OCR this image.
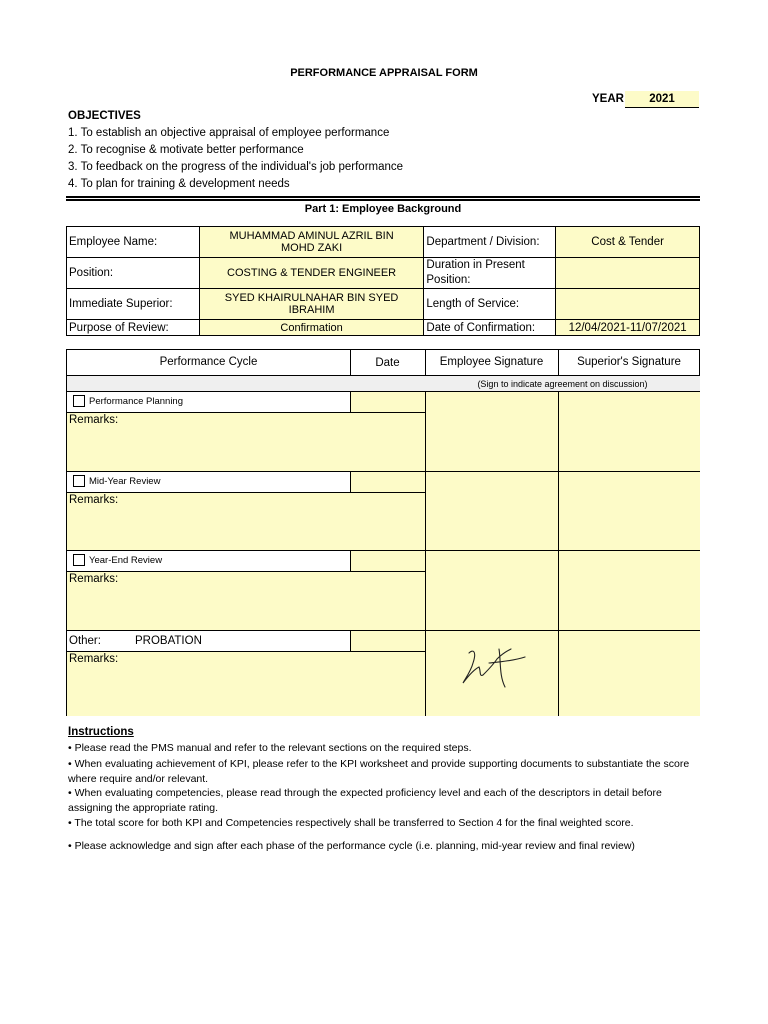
PERFORMANCE APPRAISAL FORM
YEAR	2021
OBJECTIVES
1. To establish an objective appraisal of employee performance
2. To recognise & motivate better performance
3. To feedback on the progress of the individual's job performance
4. To plan for training & development needs
Part 1: Employee Background
Employee Name:	MUHAMMAD AMINUL AZRIL BIN
MOHD ZAKI	Department / Division:	Cost & Tender
Position:	COSTING & TENDER ENGINEER	Duration in Present
Position:	

Immediate Superior:	SYED KHAIRULNAHAR BIN SYED
IBRAHIM	Length of Service:	
Purpose of Review:	Confirmation	Date of Confirmation:	12/04/2021-11/07/2021
Performance Cycle	Date	Employee Signature	Superior's Signature
(Sign to indicate agreement on discussion)
Performance Planning
Remarks:
Mid-Year Review
Remarks:
Year-End Review
Remarks:
Other:	PROBATION
Remarks:
Instructions
• Please read the PMS manual and refer to the relevant sections on the required steps.
• When evaluating achievement of KPI, please refer to the KPI worksheet and provide supporting documents to substantiate the score where require and/or relevant.
• When evaluating competencies, please read through the expected proficiency level and each of the descriptors in detail before assigning the appropriate rating.
• The total score for both KPI and Competencies respectively shall be transferred to Section 4 for the final weighted score.
• Please acknowledge and sign after each phase of the performance cycle (i.e. planning, mid-year review and final review)
